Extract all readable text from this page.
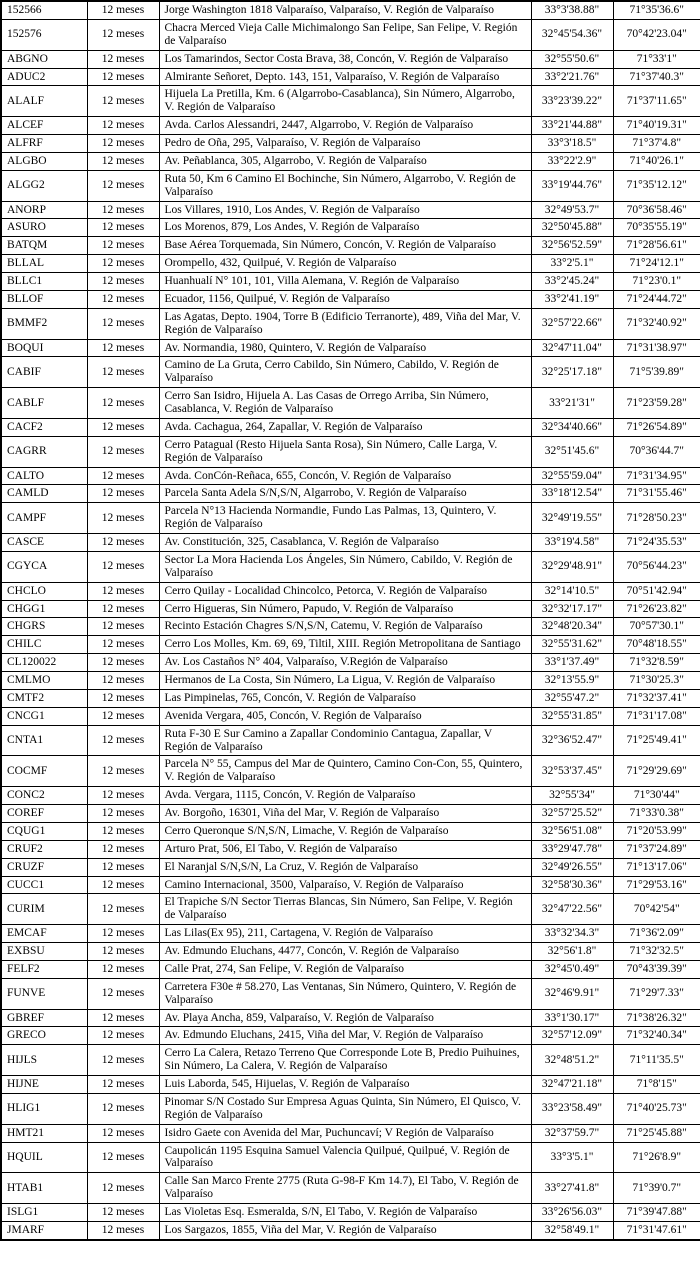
152566	12 meses	Jorge Washington 1818 Valparaíso, Valparaíso, V. Región de Valparaíso	33°3'38.88"	71°35'36.6"
152576	12 meses	Chacra Merced Vieja Calle Michimalongo San Felipe, San Felipe, V. Región de Valparaíso	32°45'54.36"	70°42'23.04"
ABGNO	12 meses	Los Tamarindos, Sector Costa Brava, 38, Concón, V. Región de Valparaíso	32°55'50.6"	71°33'1"
ADUC2	12 meses	Almirante Señoret, Depto. 143, 151, Valparaíso, V. Región de Valparaíso	33°2'21.76"	71°37'40.3"
ALALF	12 meses	Hijuela La Pretilla, Km. 6 (Algarrobo-Casablanca), Sin Número, Algarrobo, V. Región de Valparaíso	33°23'39.22"	71°37'11.65"
ALCEF	12 meses	Avda. Carlos Alessandri, 2447, Algarrobo, V. Región de Valparaíso	33°21'44.88"	71°40'19.31"
ALFRF	12 meses	Pedro de Oña, 295, Valparaíso, V. Región de Valparaíso	33°3'18.5"	71°37'4.8"
ALGBO	12 meses	Av. Peñablanca, 305, Algarrobo, V. Región de Valparaíso	33°22'2.9"	71°40'26.1"
ALGG2	12 meses	Ruta 50, Km 6 Camino El Bochinche, Sin Número, Algarrobo, V. Región de Valparaíso	33°19'44.76"	71°35'12.12"
ANORP	12 meses	Los Villares, 1910, Los Andes, V. Región de Valparaíso	32°49'53.7"	70°36'58.46"
ASURO	12 meses	Los Morenos, 879, Los Andes, V. Región de Valparaíso	32°50'45.88"	70°35'55.19"
BATQM	12 meses	Base Aérea Torquemada, Sin Número, Concón, V. Región de Valparaíso	32°56'52.59"	71°28'56.61"
BLLAL	12 meses	Orompello, 432, Quilpué, V. Región de Valparaíso	33°2'5.1"	71°24'12.1"
BLLC1	12 meses	Huanhualí N° 101, 101, Villa Alemana, V. Región de Valparaíso	33°2'45.24"	71°23'0.1"
BLLOF	12 meses	Ecuador, 1156, Quilpué, V. Región de Valparaíso	33°2'41.19"	71°24'44.72"
BMMF2	12 meses	Las Agatas, Depto. 1904, Torre B (Edificio Terranorte), 489, Viña del Mar, V. Región de Valparaíso	32°57'22.66"	71°32'40.92"
BOQUI	12 meses	Av. Normandia, 1980, Quintero, V. Región de Valparaíso	32°47'11.04"	71°31'38.97"
CABIF	12 meses	Camino de La Gruta, Cerro Cabildo, Sin Número, Cabildo, V. Región de Valparaíso	32°25'17.18"	71°5'39.89"
CABLF	12 meses	Cerro San Isidro, Hijuela A. Las Casas de Orrego Arriba, Sin Número, Casablanca, V. Región de Valparaíso	33°21'31"	71°23'59.28"
CACF2	12 meses	Avda. Cachagua, 264, Zapallar, V. Región de Valparaíso	32°34'40.66"	71°26'54.89"
CAGRR	12 meses	Cerro Patagual (Resto Hijuela Santa Rosa), Sin Número, Calle Larga, V. Región de Valparaíso	32°51'45.6"	70°36'44.7"
CALTO	12 meses	Avda. ConCón-Reñaca, 655, Concón, V. Región de Valparaíso	32°55'59.04"	71°31'34.95"
CAMLD	12 meses	Parcela Santa Adela S/N,S/N, Algarrobo, V. Región de Valparaíso	33°18'12.54"	71°31'55.46"
CAMPF	12 meses	Parcela N°13 Hacienda Normandie, Fundo Las Palmas, 13, Quintero, V. Región de Valparaíso	32°49'19.55"	71°28'50.23"
CASCE	12 meses	Av. Constitución, 325, Casablanca, V. Región de Valparaíso	33°19'4.58"	71°24'35.53"
CGYCA	12 meses	Sector La Mora Hacienda Los Ángeles, Sin Número, Cabildo, V. Región de Valparaíso	32°29'48.91"	70°56'44.23"
CHCLO	12 meses	Cerro Quilay - Localidad Chincolco, Petorca, V. Región de Valparaíso	32°14'10.5"	70°51'42.94"
CHGG1	12 meses	Cerro Higueras, Sin Número, Papudo, V. Región de Valparaíso	32°32'17.17"	71°26'23.82"
CHGRS	12 meses	Recinto Estación Chagres S/N,S/N, Catemu, V. Región de Valparaíso	32°48'20.34"	70°57'30.1"
CHILC	12 meses	Cerro Los Molles, Km. 69, 69, Tiltil, XIII. Región Metropolitana de Santiago	32°55'31.62"	70°48'18.55"
CL120022	12 meses	Av. Los Castaños N° 404, Valparaíso, V.Región de Valparaíso	33°1'37.49"	71°32'8.59"
CMLMO	12 meses	Hermanos de La Costa, Sin Número, La Ligua, V. Región de Valparaíso	32°13'55.9"	71°30'25.3"
CMTF2	12 meses	Las Pimpinelas, 765, Concón, V. Región de Valparaíso	32°55'47.2"	71°32'37.41"
CNCG1	12 meses	Avenida Vergara, 405, Concón, V. Región de Valparaíso	32°55'31.85"	71°31'17.08"
CNTA1	12 meses	Ruta F-30 E Sur Camino a Zapallar Condominio Cantagua, Zapallar, V Región de Valparaíso	32°36'52.47"	71°25'49.41"
COCMF	12 meses	Parcela N° 55, Campus del Mar de Quintero, Camino Con-Con, 55, Quintero, V. Región de Valparaíso	32°53'37.45"	71°29'29.69"
CONC2	12 meses	Avda. Vergara, 1115, Concón, V. Región de Valparaíso	32°55'34"	71°30'44"
COREF	12 meses	Av. Borgoño, 16301, Viña del Mar, V. Región de Valparaíso	32°57'25.52"	71°33'0.38"
CQUG1	12 meses	Cerro Queronque S/N,S/N, Limache, V. Región de Valparaíso	32°56'51.08"	71°20'53.99"
CRUF2	12 meses	Arturo Prat, 506, El Tabo, V. Región de Valparaíso	33°29'47.78"	71°37'24.89"
CRUZF	12 meses	El Naranjal S/N,S/N, La Cruz, V. Región de Valparaíso	32°49'26.55"	71°13'17.06"
CUCC1	12 meses	Camino Internacional, 3500, Valparaíso, V. Región de Valparaíso	32°58'30.36"	71°29'53.16"
CURIM	12 meses	El Trapiche S/N Sector Tierras Blancas, Sin Número, San Felipe, V. Región de Valparaíso	32°47'22.56"	70°42'54"
EMCAF	12 meses	Las Lilas(Ex 95), 211, Cartagena, V. Región de Valparaíso	33°32'34.3"	71°36'2.09"
EXBSU	12 meses	Av. Edmundo Eluchans, 4477, Concón, V. Región de Valparaíso	32°56'1.8"	71°32'32.5"
FELF2	12 meses	Calle Prat, 274, San Felipe, V. Región de Valparaíso	32°45'0.49"	70°43'39.39"
FUNVE	12 meses	Carretera F30e # 58.270, Las Ventanas, Sin Número, Quintero, V. Región de Valparaíso	32°46'9.91"	71°29'7.33"
GBREF	12 meses	Av. Playa Ancha, 859, Valparaíso, V. Región de Valparaíso	33°1'30.17"	71°38'26.32"
GRECO	12 meses	Av. Edmundo Eluchans, 2415, Viña del Mar, V. Región de Valparaíso	32°57'12.09"	71°32'40.34"
HIJLS	12 meses	Cerro La Calera, Retazo Terreno Que Corresponde Lote B, Predio Puihuines, Sin Número, La Calera, V. Región de Valparaíso	32°48'51.2"	71°11'35.5"
HIJNE	12 meses	Luis Laborda, 545, Hijuelas, V. Región de Valparaíso	32°47'21.18"	71°8'15"
HLIG1	12 meses	Pinomar S/N Costado Sur Empresa Aguas Quinta, Sin Número, El Quisco, V. Región de Valparaíso	33°23'58.49"	71°40'25.73"
HMT21	12 meses	Isidro Gaete con Avenida del Mar, Puchuncaví; V Región de Valparaíso	32°37'59.7"	71°25'45.88"
HQUIL	12 meses	Caupolicán 1195 Esquina Samuel Valencia Quilpué, Quilpué, V. Región de Valparaíso	33°3'5.1"	71°26'8.9"
HTAB1	12 meses	Calle San Marco Frente 2775 (Ruta G-98-F Km 14.7), El Tabo, V. Región de Valparaíso	33°27'41.8"	71°39'0.7"
ISLG1	12 meses	Las Violetas Esq. Esmeralda, S/N, El Tabo, V. Región de Valparaíso	33°26'56.03"	71°39'47.88"
JMARF	12 meses	Los Sargazos, 1855, Viña del Mar, V. Región de Valparaíso	32°58'49.1"	71°31'47.61"
